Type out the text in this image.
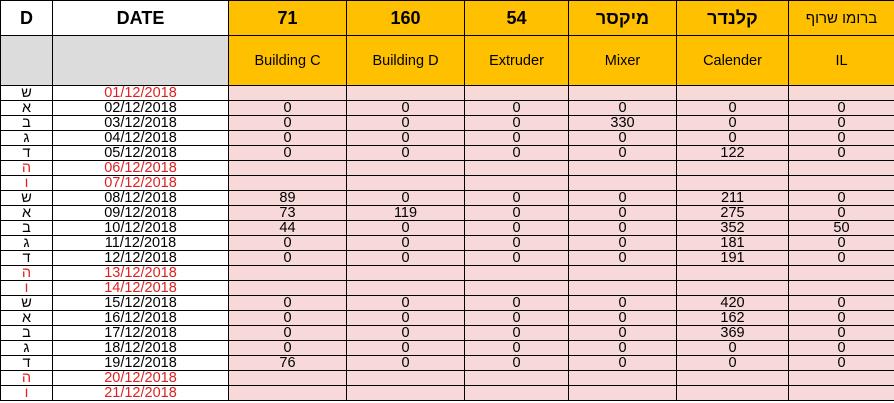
D	DATE	71	160	54	מיקסר	קלנדר	ברומו שרוף
		Building C	Building D	Extruder	Mixer	Calender	IL
ש	01/12/2018						
א	02/12/2018	0	0	0	0	0	0
ב	03/12/2018	0	0	0	330	0	0
ג	04/12/2018	0	0	0	0	0	0
ד	05/12/2018	0	0	0	0	122	0
ה	06/12/2018						
ו	07/12/2018						
ש	08/12/2018	89	0	0	0	211	0
א	09/12/2018	73	119	0	0	275	0
ב	10/12/2018	44	0	0	0	352	50
ג	11/12/2018	0	0	0	0	181	0
ד	12/12/2018	0	0	0	0	191	0
ה	13/12/2018						
ו	14/12/2018						
ש	15/12/2018	0	0	0	0	420	0
א	16/12/2018	0	0	0	0	162	0
ב	17/12/2018	0	0	0	0	369	0
ג	18/12/2018	0	0	0	0	0	0
ד	19/12/2018	76	0	0	0	0	0
ה	20/12/2018						
ו	21/12/2018						
